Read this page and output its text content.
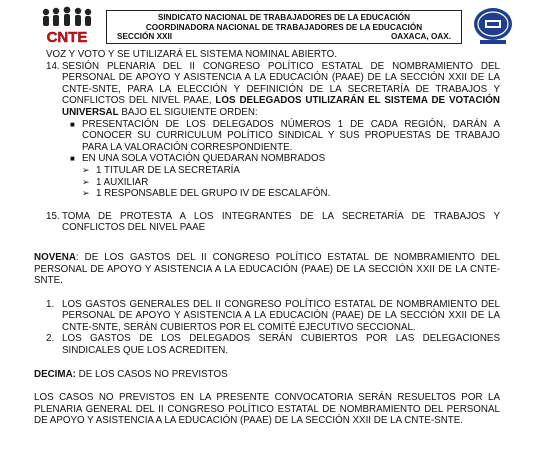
CNTE
SINDICATO NACIONAL DE TRABAJADORES DE LA EDUCACIÓN
COORDINADORA NACIONAL DE TRABAJADORES DE LA EDUCACIÓN
SECCIÓN XXII	OAXACA, OAX.

VOZ Y VOTO Y SE UTILIZARÁ EL SISTEMA NOMINAL ABIERTO.

14. SESIÓN PLENARIA DEL II CONGRESO POLÍTICO ESTATAL DE NOMBRAMIENTO DEL PERSONAL DE APOYO Y ASISTENCIA A LA EDUCACIÓN (PAAE) DE LA SECCIÓN XXII DE LA CNTE-SNTE, PARA LA ELECCIÓN Y DEFINICIÓN DE LA SECRETARÍA DE TRABAJOS Y CONFLICTOS DEL NIVEL PAAE, LOS DELEGADOS UTILIZARÁN EL SISTEMA DE VOTACIÓN UNIVERSAL BAJO EL SIGUIENTE ORDEN:
■ PRESENTACIÓN DE LOS DELEGADOS NÚMEROS 1 DE CADA REGIÓN, DARÁN A CONOCER SU CURRICULUM POLÍTICO SINDICAL Y SUS PROPUESTAS DE TRABAJO PARA LA VALORACIÓN CORRESPONDIENTE.
■ EN UNA SOLA VOTACIÓN QUEDARAN NOMBRADOS
➢ 1 TITULAR DE LA SECRETARÍA
➢ 1 AUXILIAR
➢ 1 RESPONSABLE DEL GRUPO IV DE ESCALAFÓN.
15. TOMA DE PROTESTA A LOS INTEGRANTES DE LA SECRETARÍA DE TRABAJOS Y CONFLICTOS DEL NIVEL PAAE

NOVENA: DE LOS GASTOS DEL II CONGRESO POLÍTICO ESTATAL DE NOMBRAMIENTO DEL PERSONAL DE APOYO Y ASISTENCIA A LA EDUCACIÓN (PAAE) DE LA SECCIÓN XXII DE LA CNTE-SNTE.

1. LOS GASTOS GENERALES DEL II CONGRESO POLÍTICO ESTATAL DE NOMBRAMIENTO DEL PERSONAL DE APOYO Y ASISTENCIA A LA EDUCACIÓN (PAAE) DE LA SECCIÓN XXII DE LA CNTE-SNTE, SERÁN CUBIERTOS POR EL COMITÉ EJECUTIVO SECCIONAL.
2. LOS GASTOS DE LOS DELEGADOS SERÁN CUBIERTOS POR LAS DELEGACIONES SINDICALES QUE LOS ACREDITEN.

DECIMA: DE LOS CASOS NO PREVISTOS

LOS CASOS NO PREVISTOS EN LA PRESENTE CONVOCATORIA SERÁN RESUELTOS POR LA PLENARIA GENERAL DEL II CONGRESO POLÍTICO ESTATAL DE NOMBRAMIENTO DEL PERSONAL DE APOYO Y ASISTENCIA A LA EDUCACIÓN (PAAE) DE LA SECCIÓN XXII DE LA CNTE-SNTE.
